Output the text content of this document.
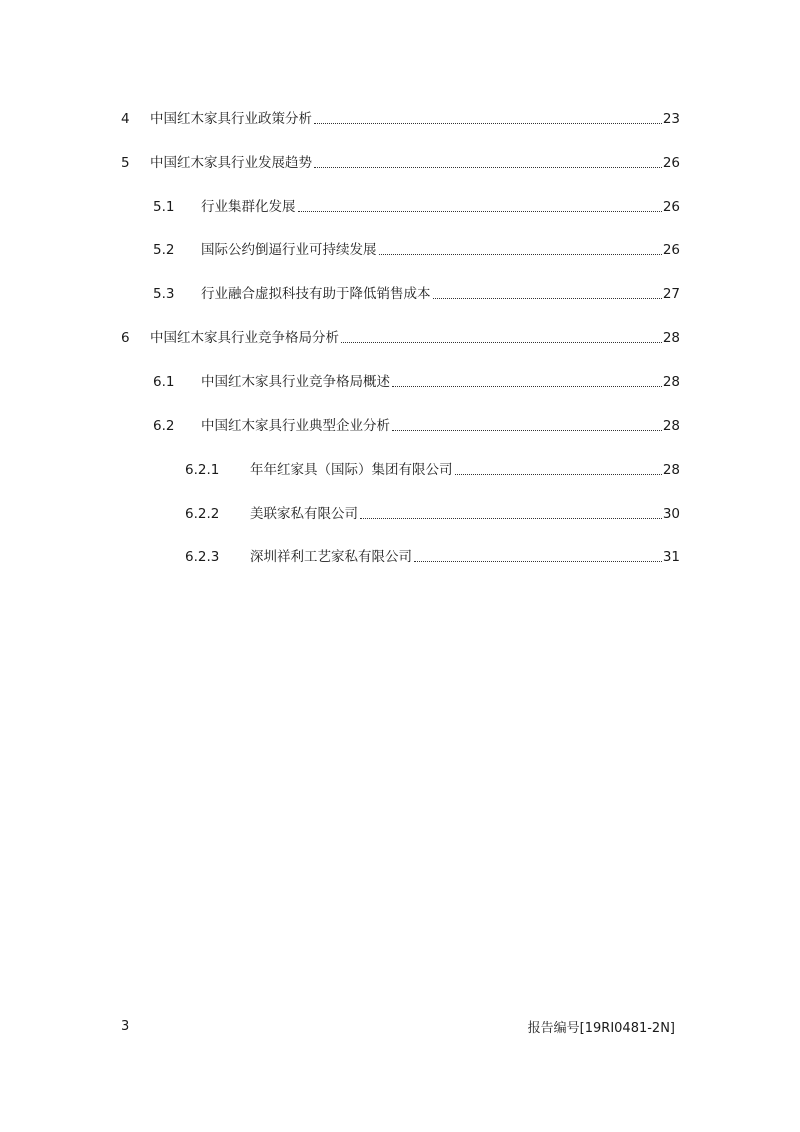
4	中国红木家具行业政策分析	23
5	中国红木家具行业发展趋势	26
5.1	行业集群化发展	26
5.2	国际公约倒逼行业可持续发展	26
5.3	行业融合虚拟科技有助于降低销售成本	27
6	中国红木家具行业竞争格局分析	28
6.1	中国红木家具行业竞争格局概述	28
6.2	中国红木家具行业典型企业分析	28
6.2.1	年年红家具（国际）集团有限公司	28
6.2.2	美联家私有限公司	30
6.2.3	深圳祥利工艺家私有限公司	31
3	报告编号[19RI0481-2N]
